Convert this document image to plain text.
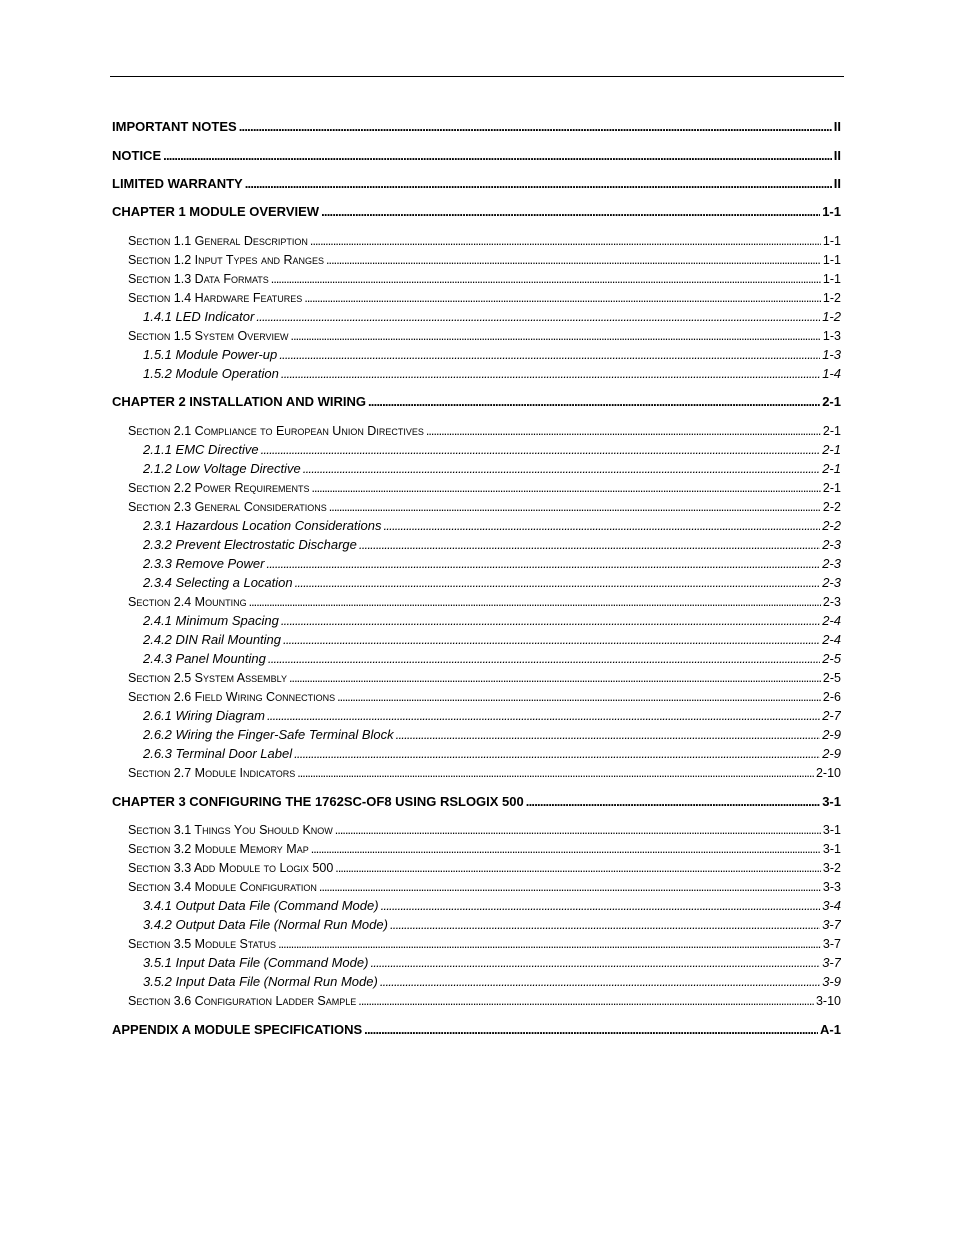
IMPORTANT NOTES . . .	II
NOTICE . . .	II
LIMITED WARRANTY . . .	II
CHAPTER 1 MODULE OVERVIEW . . .	1-1
Section 1.1 General Description . . .	1-1
Section 1.2 Input Types and Ranges . . .	1-1
Section 1.3 Data Formats . . .	1-1
Section 1.4 Hardware Features . . .	1-2
1.4.1 LED Indicator . . .	1-2
Section 1.5 System Overview . . .	1-3
1.5.1 Module Power-up . . .	1-3
1.5.2 Module Operation . . .	1-4
CHAPTER 2 INSTALLATION AND WIRING . . .	2-1
Section 2.1 Compliance to European Union Directives . . .	2-1
2.1.1 EMC Directive . . .	2-1
2.1.2 Low Voltage Directive . . .	2-1
Section 2.2 Power Requirements . . .	2-1
Section 2.3 General Considerations . . .	2-2
2.3.1 Hazardous Location Considerations . . .	2-2
2.3.2 Prevent Electrostatic Discharge . . .	2-3
2.3.3 Remove Power . . .	2-3
2.3.4 Selecting a Location . . .	2-3
Section 2.4 Mounting . . .	2-3
2.4.1 Minimum Spacing . . .	2-4
2.4.2 DIN Rail Mounting . . .	2-4
2.4.3 Panel Mounting . . .	2-5
Section 2.5 System Assembly . . .	2-5
Section 2.6 Field Wiring Connections . . .	2-6
2.6.1 Wiring Diagram . . .	2-7
2.6.2 Wiring the Finger-Safe Terminal Block . . .	2-9
2.6.3 Terminal Door Label . . .	2-9
Section 2.7 Module Indicators . . .	2-10
CHAPTER 3 CONFIGURING THE 1762SC-OF8 USING RSLOGIX 500 . . .	3-1
Section 3.1 Things You Should Know . . .	3-1
Section 3.2 Module Memory Map . . .	3-1
Section 3.3 Add Module to Logix 500 . . .	3-2
Section 3.4 Module Configuration . . .	3-3
3.4.1 Output Data File (Command Mode) . . .	3-4
3.4.2 Output Data File (Normal Run Mode) . . .	3-7
Section 3.5 Module Status . . .	3-7
3.5.1 Input Data File (Command Mode) . . .	3-7
3.5.2 Input Data File (Normal Run Mode) . . .	3-9
Section 3.6 Configuration Ladder Sample . . .	3-10
APPENDIX A MODULE SPECIFICATIONS . . .	A-1
